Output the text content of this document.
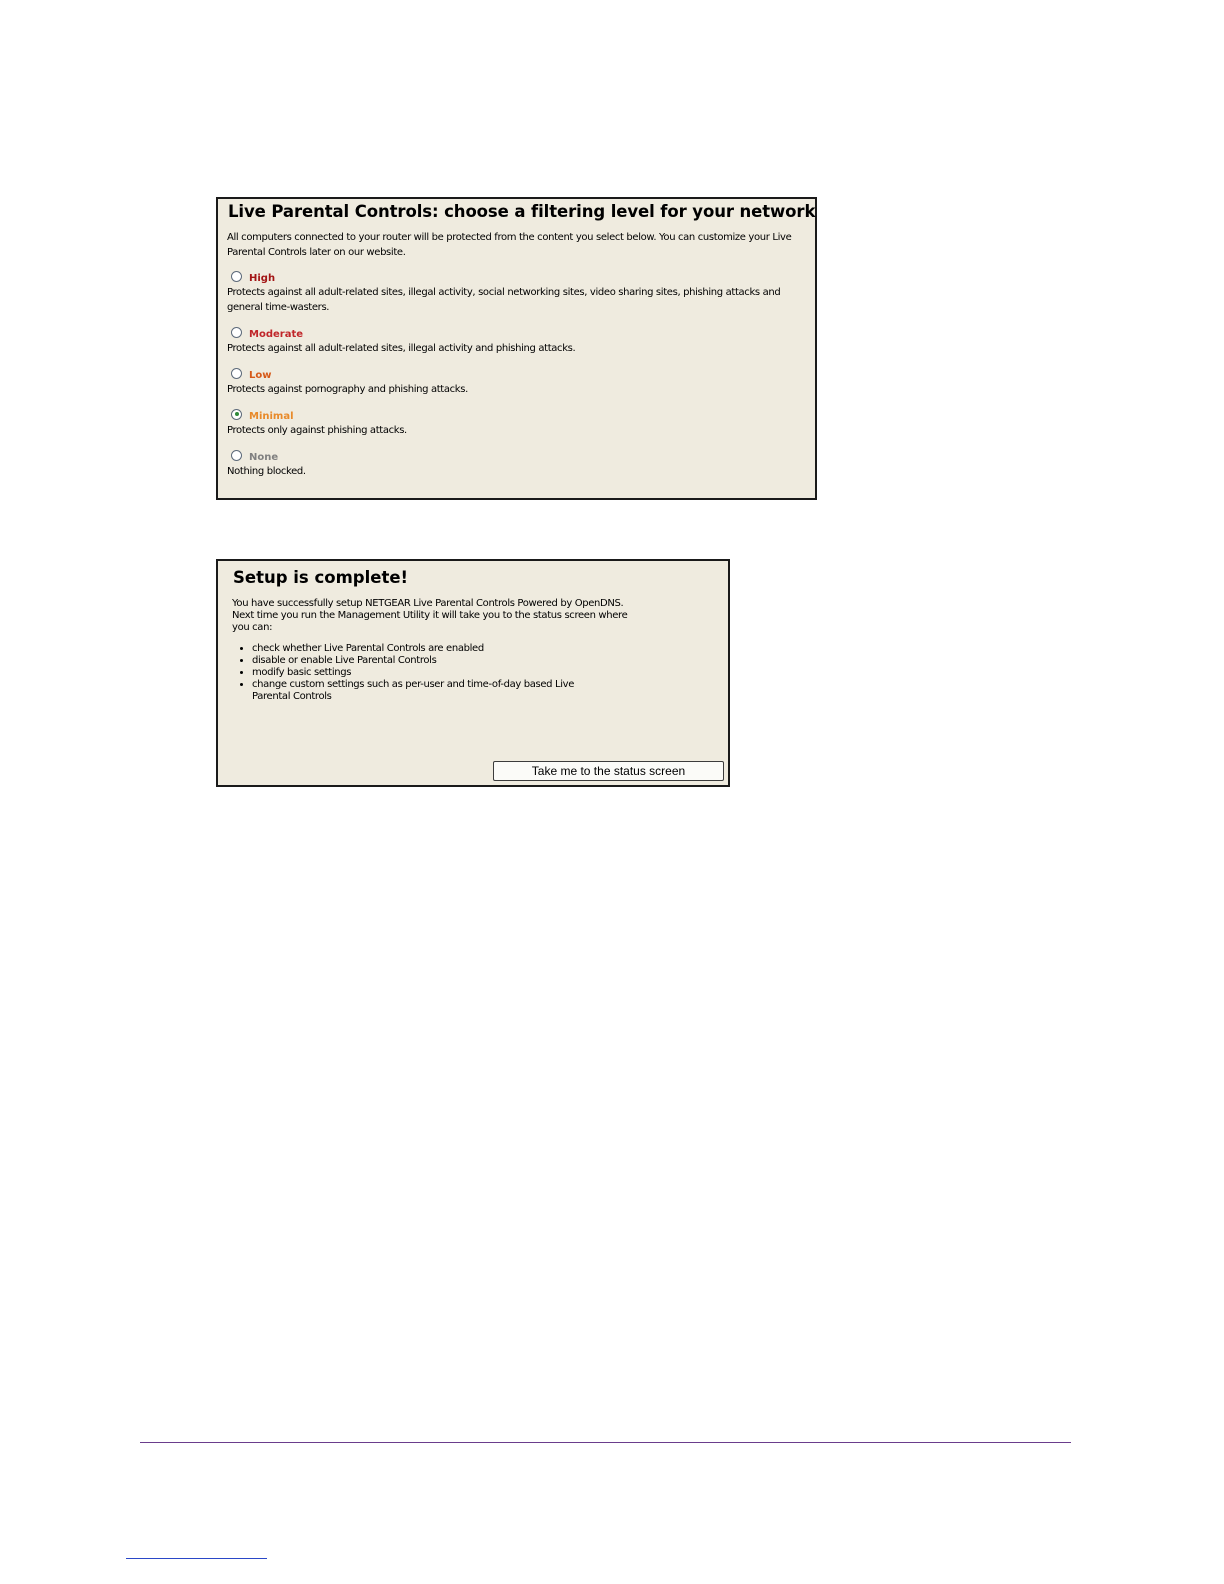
Live Parental Controls: choose a filtering level for your network
All computers connected to your router will be protected from the content you select below. You can customize your Live Parental Controls later on our website.
High
Protects against all adult-related sites, illegal activity, social networking sites, video sharing sites, phishing attacks and general time-wasters.
Moderate
Protects against all adult-related sites, illegal activity and phishing attacks.
Low
Protects against pornography and phishing attacks.
Minimal
Protects only against phishing attacks.
None
Nothing blocked.
Setup is complete!
You have successfully setup NETGEAR Live Parental Controls Powered by OpenDNS. Next time you run the Management Utility it will take you to the status screen where you can:
• check whether Live Parental Controls are enabled
• disable or enable Live Parental Controls
• modify basic settings
• change custom settings such as per-user and time-of-day based Live Parental Controls
Take me to the status screen
